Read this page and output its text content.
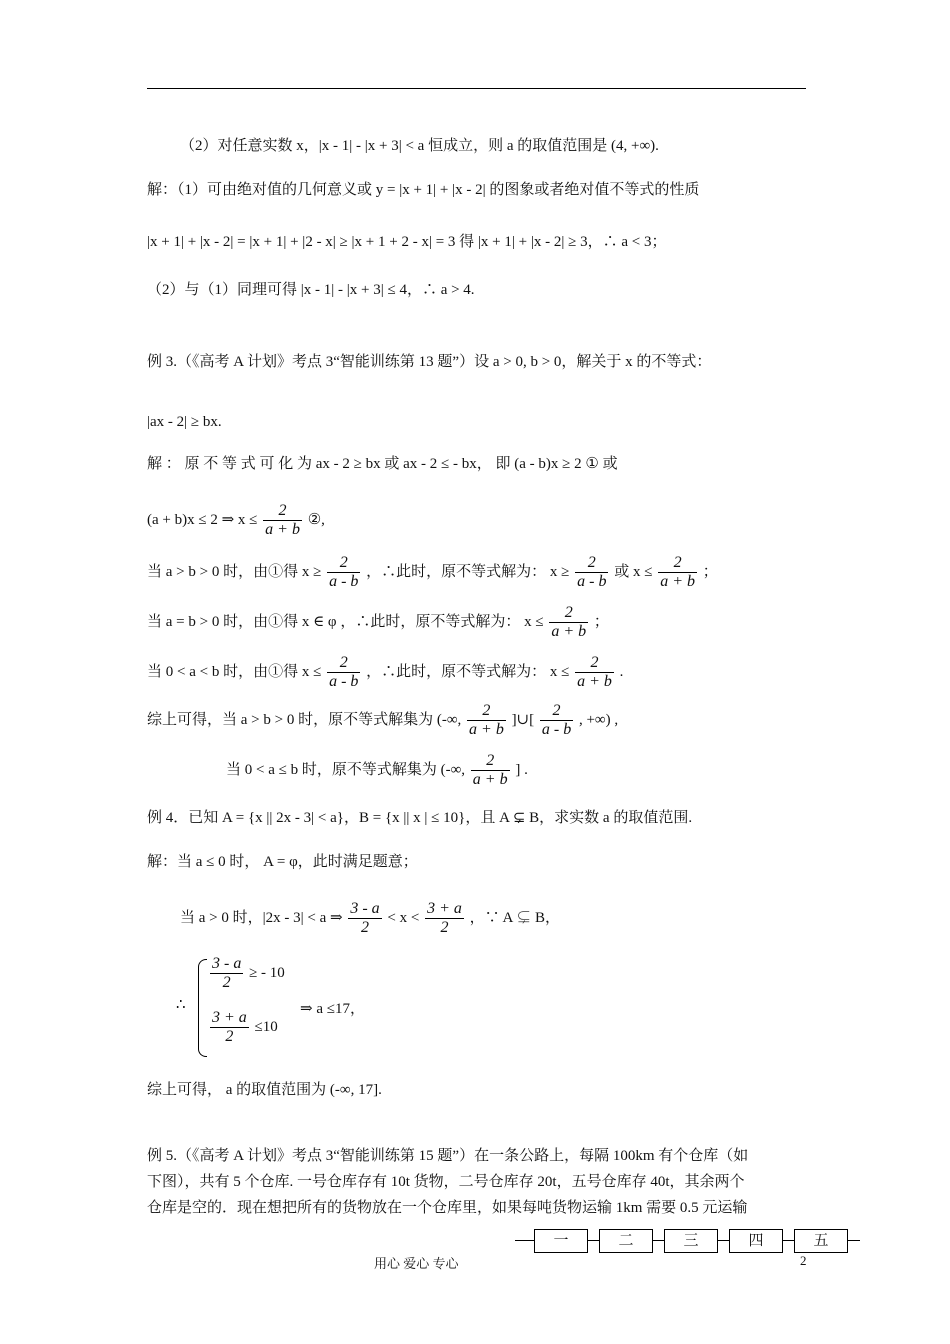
（2）对任意实数 x，|x - 1| - |x + 3| < a 恒成立，则 a 的取值范围是 (4, +∞).
解：（1）可由绝对值的几何意义或 y = |x + 1| + |x - 2| 的图象或者绝对值不等式的性质
|x + 1| + |x - 2| = |x + 1| + |2 - x| ≥ |x + 1 + 2 - x| = 3 得 |x + 1| + |x - 2| ≥ 3，∴ a < 3；
（2）与（1）同理可得 |x - 1| - |x + 3| ≤ 4，∴ a > 4.
例 3.（《高考 A 计划》考点 3“智能训练第 13 题”）设 a > 0, b > 0，解关于 x 的不等式：
|ax - 2| ≥ bx.
解 ： 原 不 等 式 可 化 为 ax - 2 ≥ bx 或 ax - 2 ≤ - bx， 即 (a - b)x ≥ 2 ① 或
(a + b)x ≤ 2 ⇒ $x \le \frac{2}{a + b}$ ②,
当 a > b > 0 时，由①得 $x \ge \frac{2}{a - b}$ ，∴此时，原不等式解为： $x \ge \frac{2}{a - b}$ 或 $x \le \frac{2}{a + b}$ ；
当 a = b > 0 时，由①得 x ∈ φ ，∴此时，原不等式解为： $x \le \frac{2}{a + b}$ ；
当 0 < a < b 时，由①得 $x \le \frac{2}{a - b}$ ，∴此时，原不等式解为： $x \le \frac{2}{a + b}$ .
综上可得，当 a > b > 0 时，原不等式解集为 (-∞, $\frac{2}{a + b}$ ]∪[ $\frac{2}{a - b}$ , +∞) ,
当 0 < a ≤ b 时，原不等式解集为 (-∞, $\frac{2}{a + b}$ ] .
例 4．已知 A = {x || 2x - 3| < a}，B = {x || x | ≤ 10}，且 A ⊊ B，求实数 a 的取值范围.
解：当 a ≤ 0 时， A = φ，此时满足题意；
当 a > 0 时，|2x - 3| < a ⇒ $\frac{3 - a}{2} < x < \frac{3 + a}{2}$ ，∵ A ⊊ B，
∴
$\frac{3 - a}{2}$ ≥ - 10
$\frac{3 + a}{2} \le 10$
⇒ a ≤17，
综上可得， a 的取值范围为 (-∞, 17].
例 5.（《高考 A 计划》考点 3“智能训练第 15 题”）在一条公路上，每隔 100km 有个仓库（如
下图），共有 5 个仓库. 一号仓库存有 10t 货物，二号仓库存 20t，五号仓库存 40t，其余两个
仓库是空的．现在想把所有的货物放在一个仓库里，如果每吨货物运输 1km 需要 0.5 元运输
一	二	三	四	五
用心 爱心 专心	2
